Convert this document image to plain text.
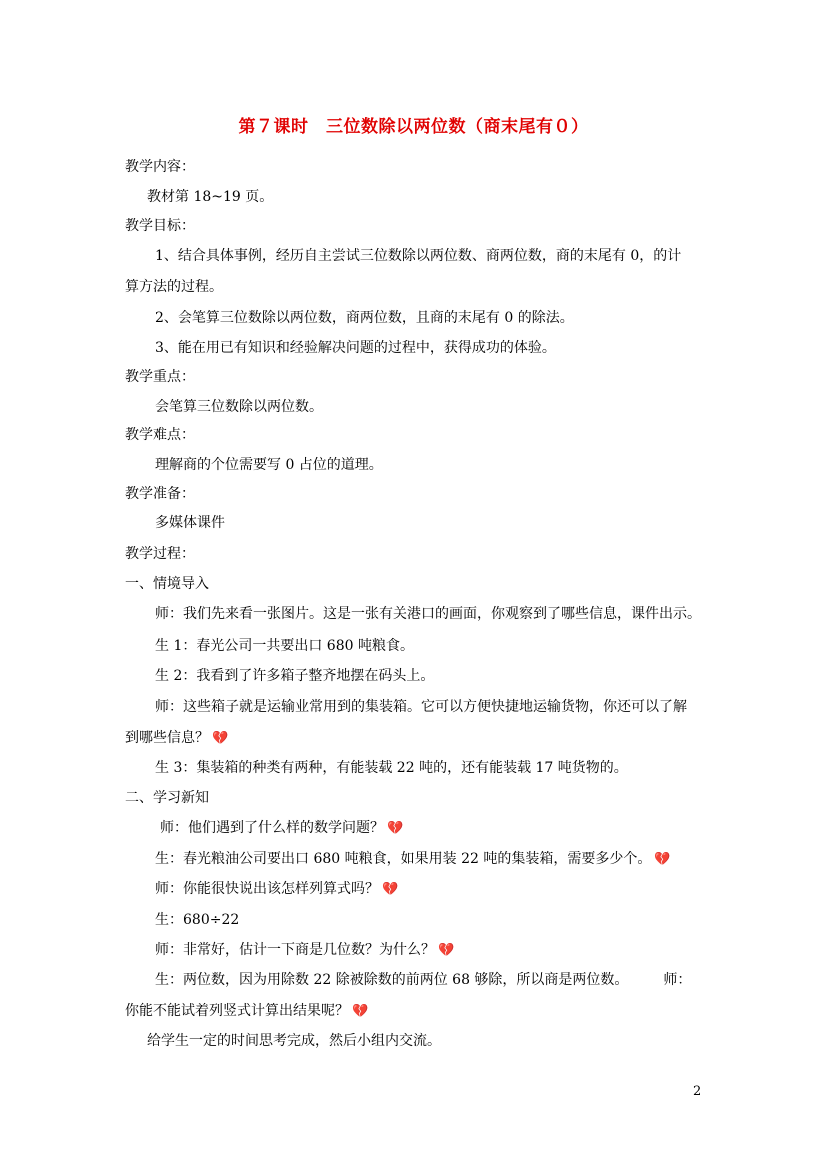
第７课时　三位数除以两位数（商末尾有０）
教学内容：
教材第 18~19 页。
教学目标：
1、结合具体事例，经历自主尝试三位数除以两位数、商两位数，商的末尾有 0，的计
算方法的过程。
2、会笔算三位数除以两位数，商两位数，且商的末尾有 0 的除法。
3、能在用已有知识和经验解决问题的过程中，获得成功的体验。
教学重点：
会笔算三位数除以两位数。
教学难点：
理解商的个位需要写 0 占位的道理。
教学准备：
多媒体课件
教学过程：
一、情境导入
师：我们先来看一张图片。这是一张有关港口的画面，你观察到了哪些信息，课件出示。
生 1：春光公司一共要出口 680 吨粮食。
生 2：我看到了许多箱子整齐地摆在码头上。
师：这些箱子就是运输业常用到的集装箱。它可以方便快捷地运输货物，你还可以了解
到哪些信息？ 💔
生 3：集装箱的种类有两种，有能装载 22 吨的，还有能装载 17 吨货物的。
二、学习新知
师：他们遇到了什么样的数学问题？ 💔
生：春光粮油公司要出口 680 吨粮食，如果用装 22 吨的集装箱，需要多少个。 💔
师：你能很快说出该怎样列算式吗？ 💔
生：680÷22
师：非常好，估计一下商是几位数？为什么？ 💔
生：两位数，因为用除数 22 除被除数的前两位 68 够除，所以商是两位数。　　　师：
你能不能试着列竖式计算出结果呢？ 💔
给学生一定的时间思考完成，然后小组内交流。
2
